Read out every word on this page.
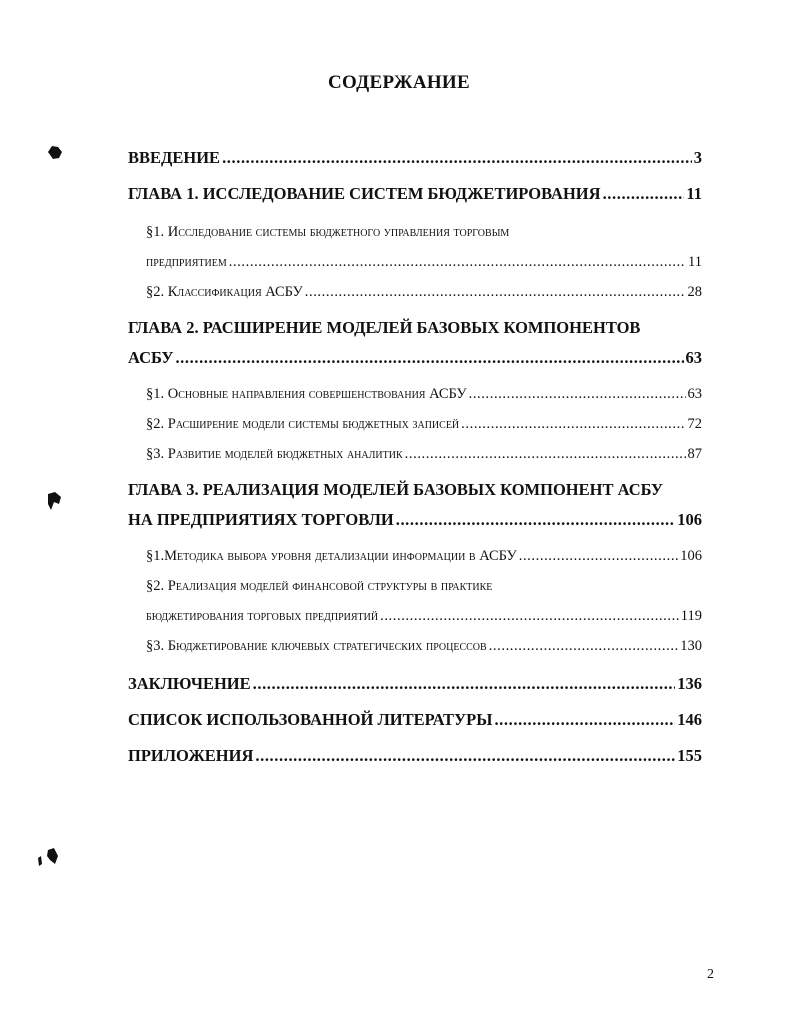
СОДЕРЖАНИЕ
ВВЕДЕНИЕ .....	3
ГЛАВА 1. ИССЛЕДОВАНИЕ СИСТЕМ БЮДЖЕТИРОВАНИЯ .....	11
§1. Исследование системы бюджетного управления торговым
предприятием .....	11
§2. Классификация АСБУ .....	28
ГЛАВА 2. РАСШИРЕНИЕ МОДЕЛЕЙ БАЗОВЫХ КОМПОНЕНТОВ
АСБУ .....	63
§1. Основные направления совершенствования АСБУ .....	63
§2. Расширение модели системы бюджетных записей .....	72
§3. Развитие моделей бюджетных аналитик .....	87
ГЛАВА 3. РЕАЛИЗАЦИЯ МОДЕЛЕЙ БАЗОВЫХ КОМПОНЕНТ АСБУ
НА ПРЕДПРИЯТИЯХ ТОРГОВЛИ .....	106
§1.Методика выбора уровня детализации информации в АСБУ .....	106
§2. Реализация моделей финансовой структуры в практике
бюджетирования торговых предприятий .....	119
§3. Бюджетирование ключевых стратегических процессов .....	130
ЗАКЛЮЧЕНИЕ .....	136
СПИСОК ИСПОЛЬЗОВАННОЙ ЛИТЕРАТУРЫ .....	146
ПРИЛОЖЕНИЯ .....	155
2
